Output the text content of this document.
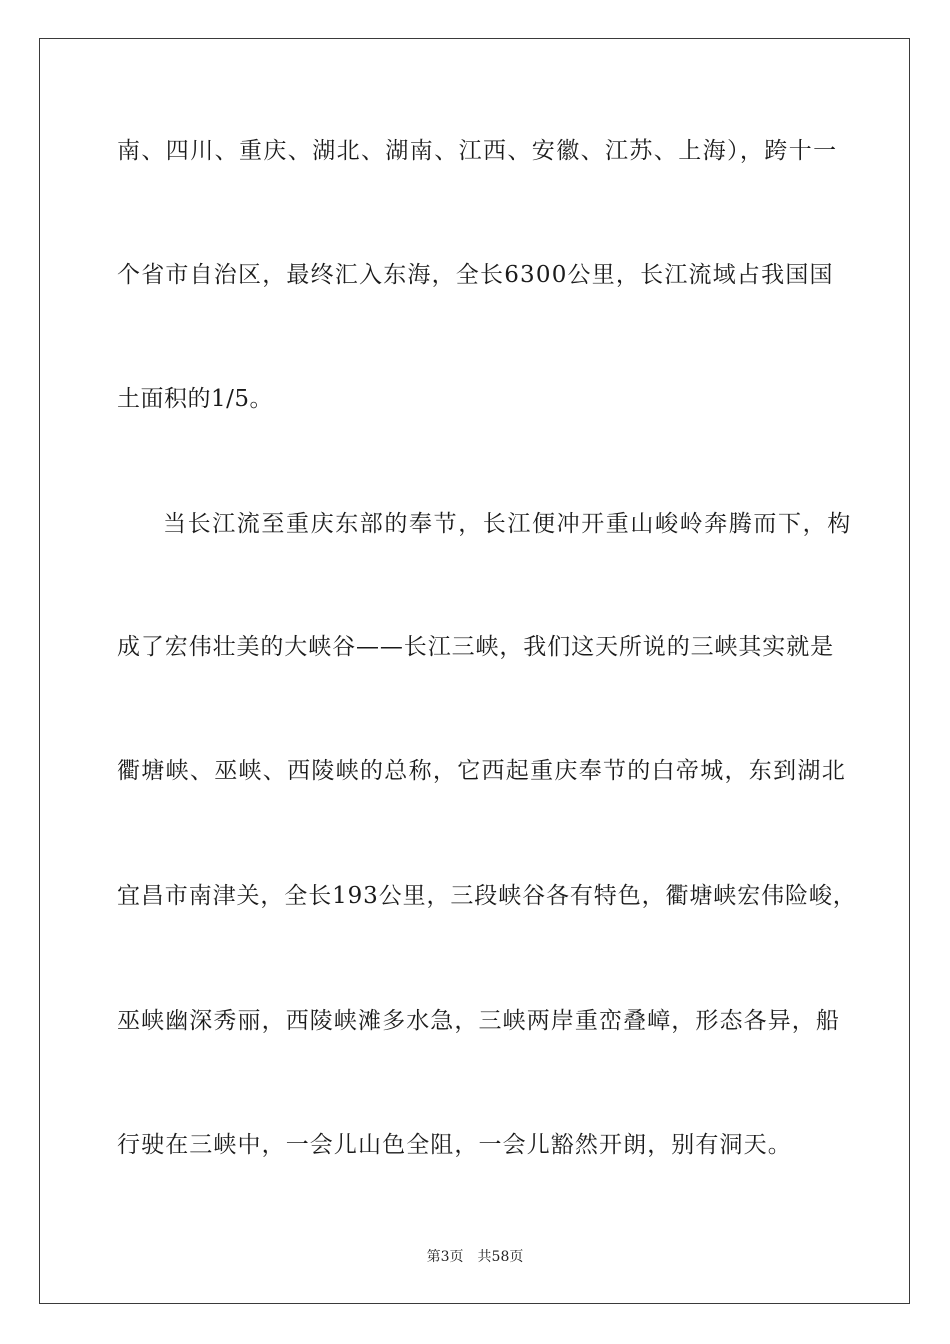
南、四川、重庆、湖北、湖南、江西、安徽、江苏、上海），跨十一
个省市自治区，最终汇入东海，全长6300公里，长江流域占我国国
土面积的1/5。
当长江流至重庆东部的奉节，长江便冲开重山峻岭奔腾而下，构
成了宏伟壮美的大峡谷——长江三峡，我们这天所说的三峡其实就是
衢塘峡、巫峡、西陵峡的总称，它西起重庆奉节的白帝城，东到湖北
宜昌市南津关，全长193公里，三段峡谷各有特色，衢塘峡宏伟险峻，
巫峡幽深秀丽，西陵峡滩多水急，三峡两岸重峦叠嶂，形态各异，船
行驶在三峡中，一会儿山色全阻，一会儿豁然开朗，别有洞天。
第3页 共58页
